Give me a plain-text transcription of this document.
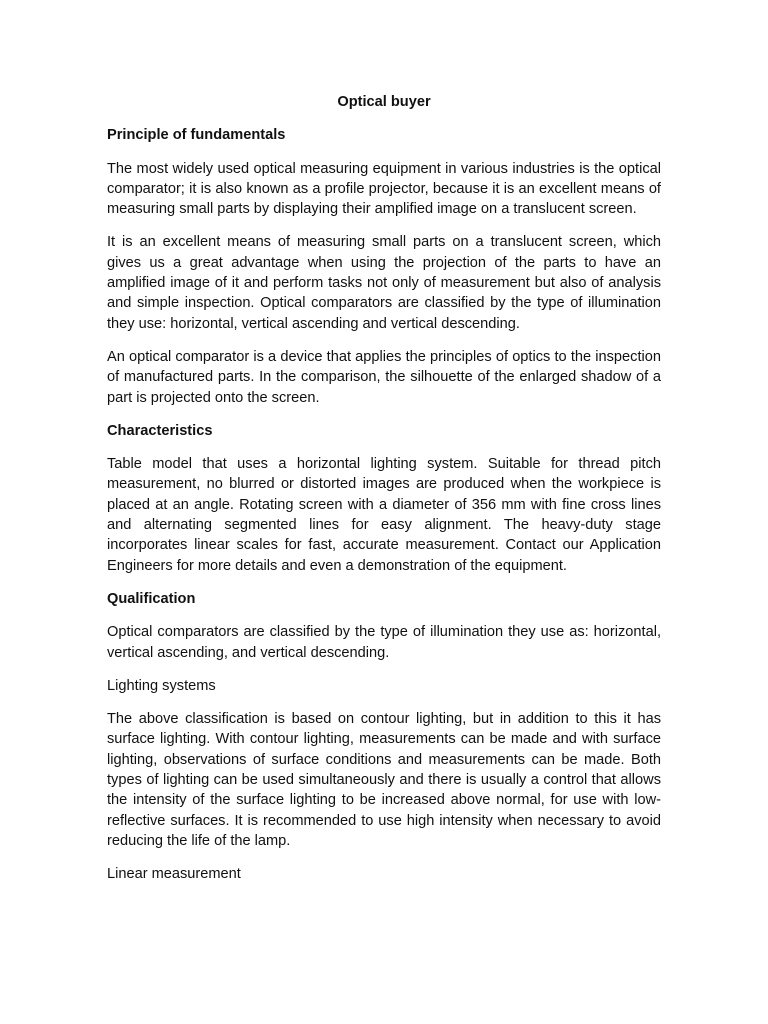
Optical buyer
Principle of fundamentals

The most widely used optical measuring equipment in various industries is the optical comparator; it is also known as a profile projector, because it is an excellent means of measuring small parts by displaying their amplified image on a translucent screen.

It is an excellent means of measuring small parts on a translucent screen, which gives us a great advantage when using the projection of the parts to have an amplified image of it and perform tasks not only of measurement but also of analysis and simple inspection. Optical comparators are classified by the type of illumination they use: horizontal, vertical ascending and vertical descending.

An optical comparator is a device that applies the principles of optics to the inspection of manufactured parts. In the comparison, the silhouette of the enlarged shadow of a part is projected onto the screen.

Characteristics

Table model that uses a horizontal lighting system. Suitable for thread pitch measurement, no blurred or distorted images are produced when the workpiece is placed at an angle. Rotating screen with a diameter of 356 mm with fine cross lines and alternating segmented lines for easy alignment. The heavy-duty stage incorporates linear scales for fast, accurate measurement. Contact our Application Engineers for more details and even a demonstration of the equipment.

Qualification

Optical comparators are classified by the type of illumination they use as: horizontal, vertical ascending, and vertical descending.

Lighting systems

The above classification is based on contour lighting, but in addition to this it has surface lighting. With contour lighting, measurements can be made and with surface lighting, observations of surface conditions and measurements can be made. Both types of lighting can be used simultaneously and there is usually a control that allows the intensity of the surface lighting to be increased above normal, for use with low-reflective surfaces. It is recommended to use high intensity when necessary to avoid reducing the life of the lamp.

Linear measurement
